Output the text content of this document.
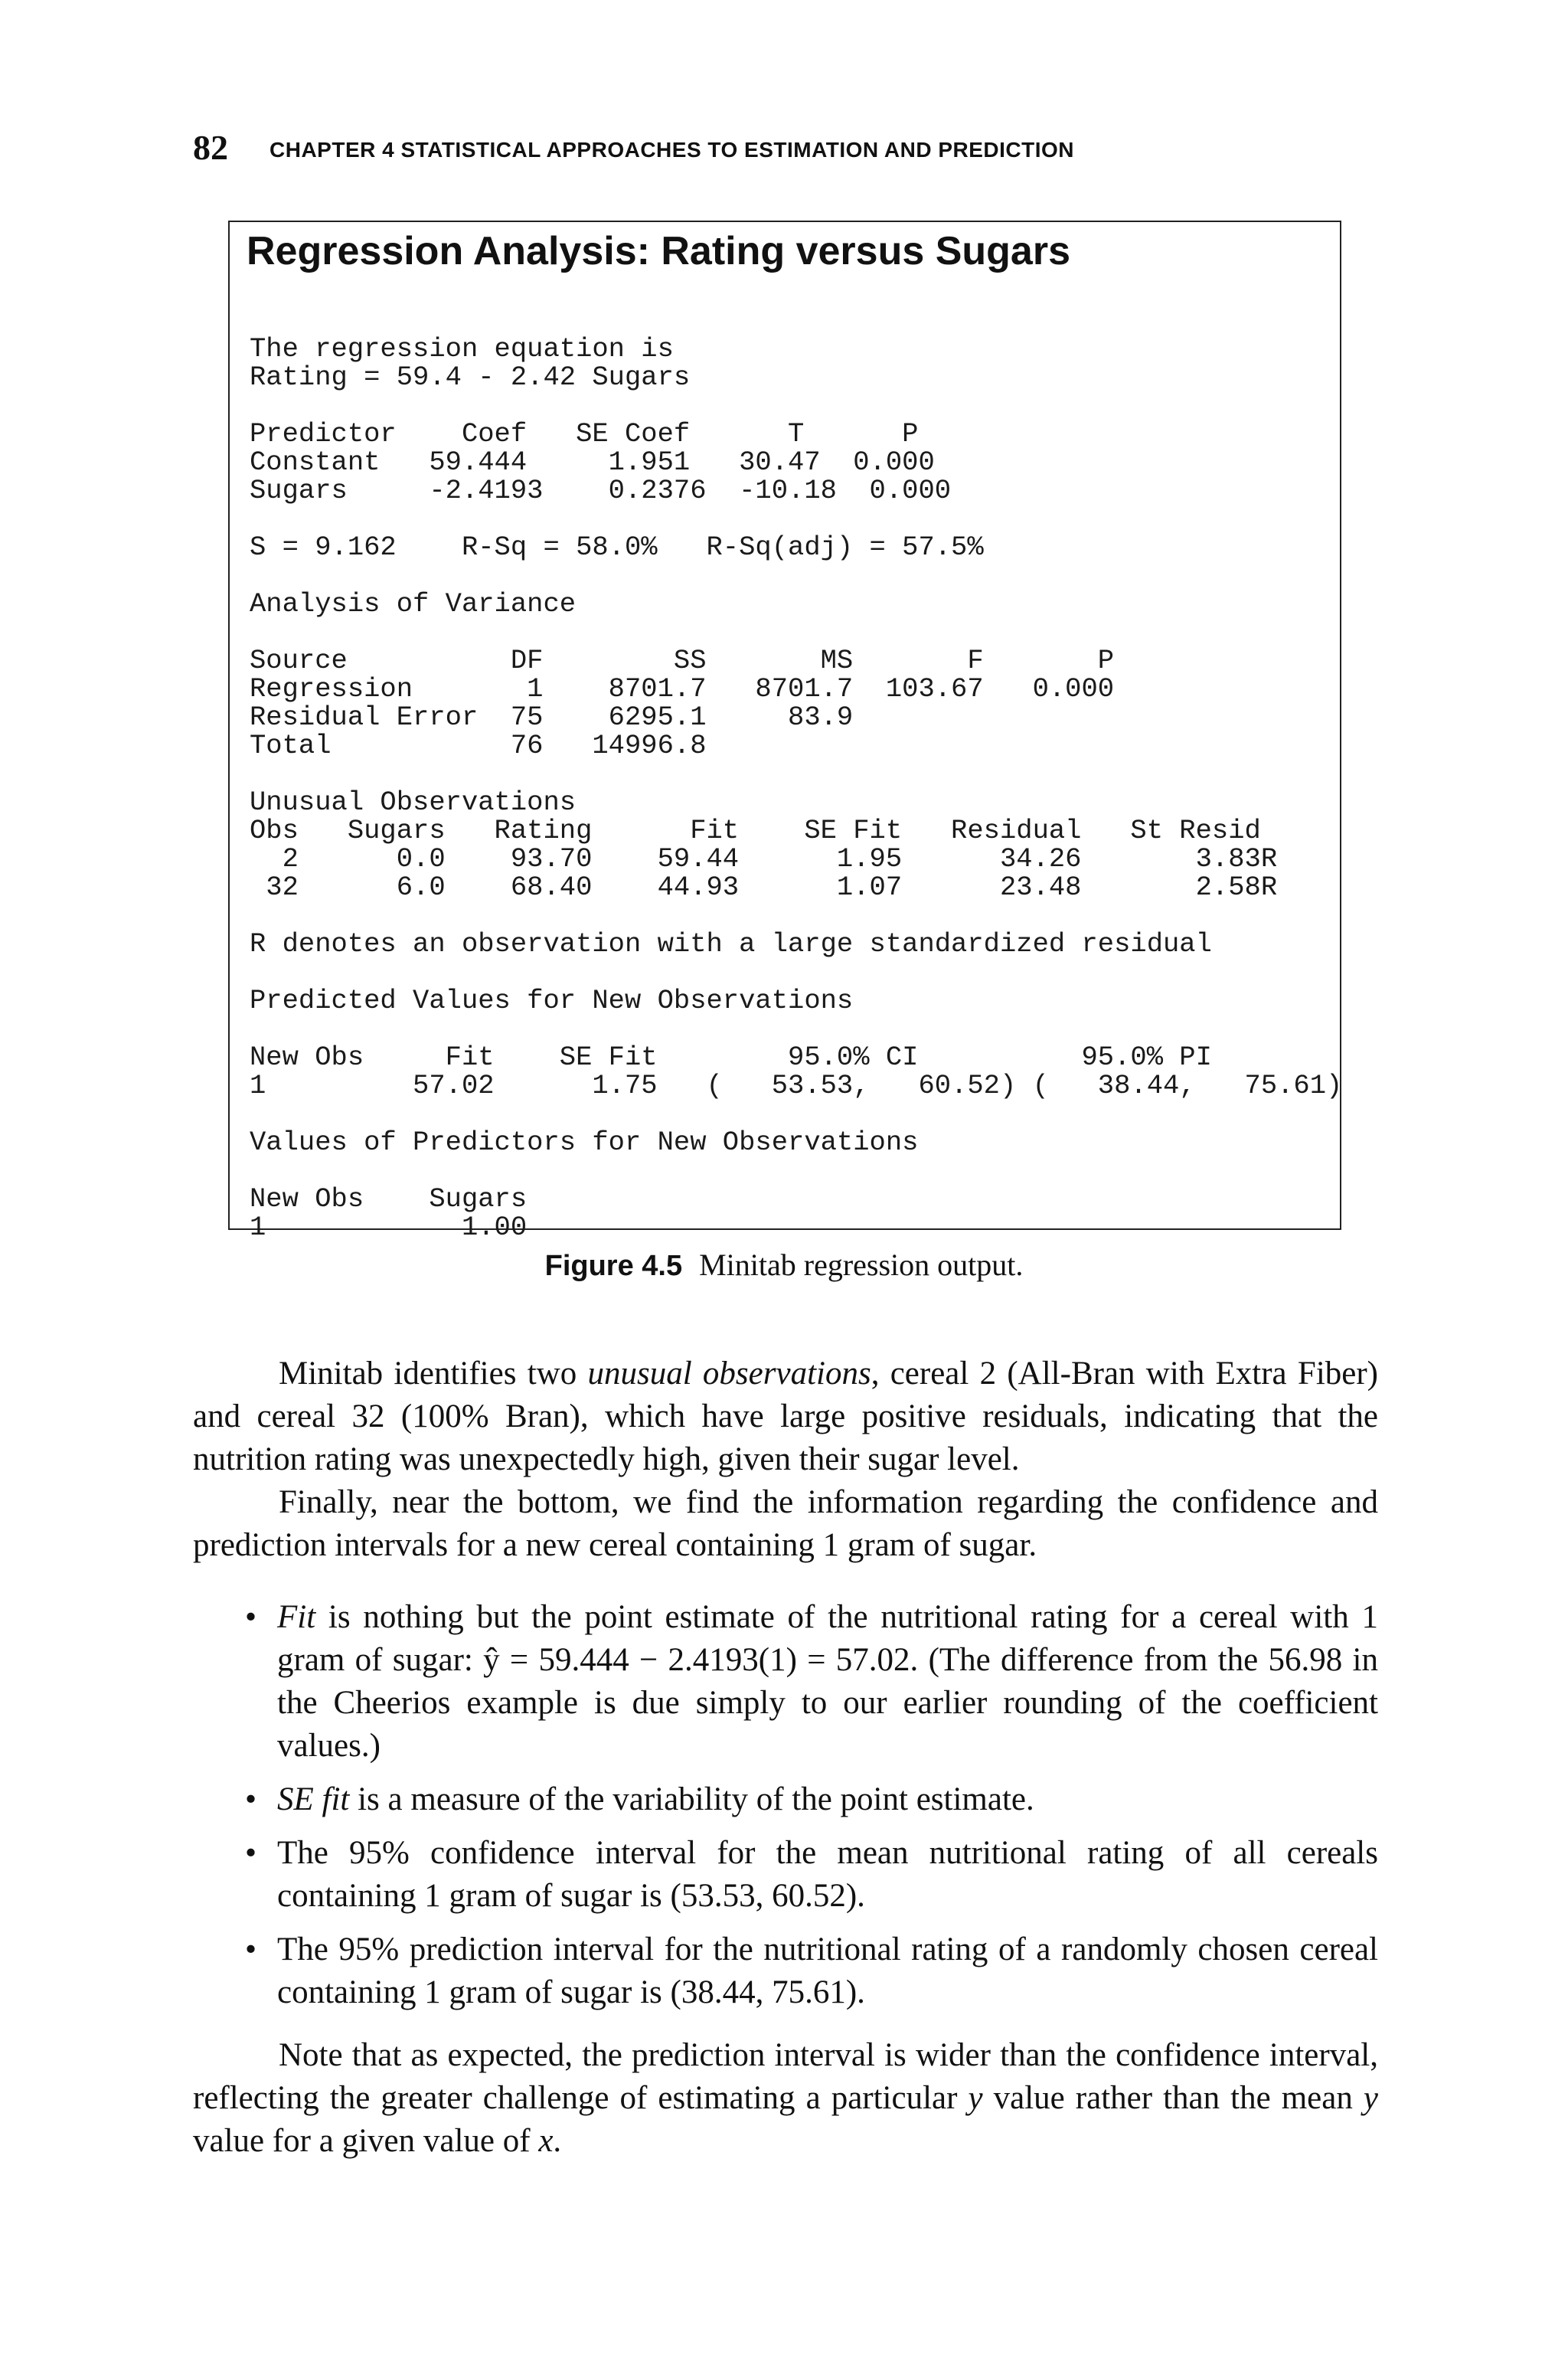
82 CHAPTER 4 STATISTICAL APPROACHES TO ESTIMATION AND PREDICTION
Regression Analysis: Rating versus Sugars
The regression equation is
Rating = 59.4 - 2.42 Sugars
Predictor    Coef   SE Coef      T      P
Constant   59.444     1.951   30.47  0.000
Sugars     -2.4193    0.2376  -10.18  0.000
S = 9.162    R-Sq = 58.0%   R-Sq(adj) = 57.5%
Analysis of Variance
Source          DF        SS       MS       F       P
Regression       1    8701.7   8701.7  103.67   0.000
Residual Error  75    6295.1     83.9
Total           76   14996.8
Unusual Observations
Obs   Sugars   Rating      Fit    SE Fit   Residual   St Resid
2      0.0    93.70    59.44      1.95      34.26       3.83R
32      6.0    68.40    44.93      1.07      23.48       2.58R
R denotes an observation with a large standardized residual
Predicted Values for New Observations
New Obs     Fit    SE Fit        95.0% CI          95.0% PI
1         57.02      1.75   (   53.53,   60.52) (   38.44,   75.61)
Values of Predictors for New Observations
New Obs    Sugars
1            1.00
Figure 4.5 Minitab regression output.
Minitab identifies two unusual observations, cereal 2 (All-Bran with Extra Fiber) and cereal 32 (100% Bran), which have large positive residuals, indicating that the nutrition rating was unexpectedly high, given their sugar level.
Finally, near the bottom, we find the information regarding the confidence and prediction intervals for a new cereal containing 1 gram of sugar.
• Fit is nothing but the point estimate of the nutritional rating for a cereal with 1 gram of sugar: ŷ = 59.444 − 2.4193(1) = 57.02. (The difference from the 56.98 in the Cheerios example is due simply to our earlier rounding of the coefficient values.)
• SE fit is a measure of the variability of the point estimate.
• The 95% confidence interval for the mean nutritional rating of all cereals containing 1 gram of sugar is (53.53, 60.52).
• The 95% prediction interval for the nutritional rating of a randomly chosen cereal containing 1 gram of sugar is (38.44, 75.61).
Note that as expected, the prediction interval is wider than the confidence interval, reflecting the greater challenge of estimating a particular y value rather than the mean y value for a given value of x.
